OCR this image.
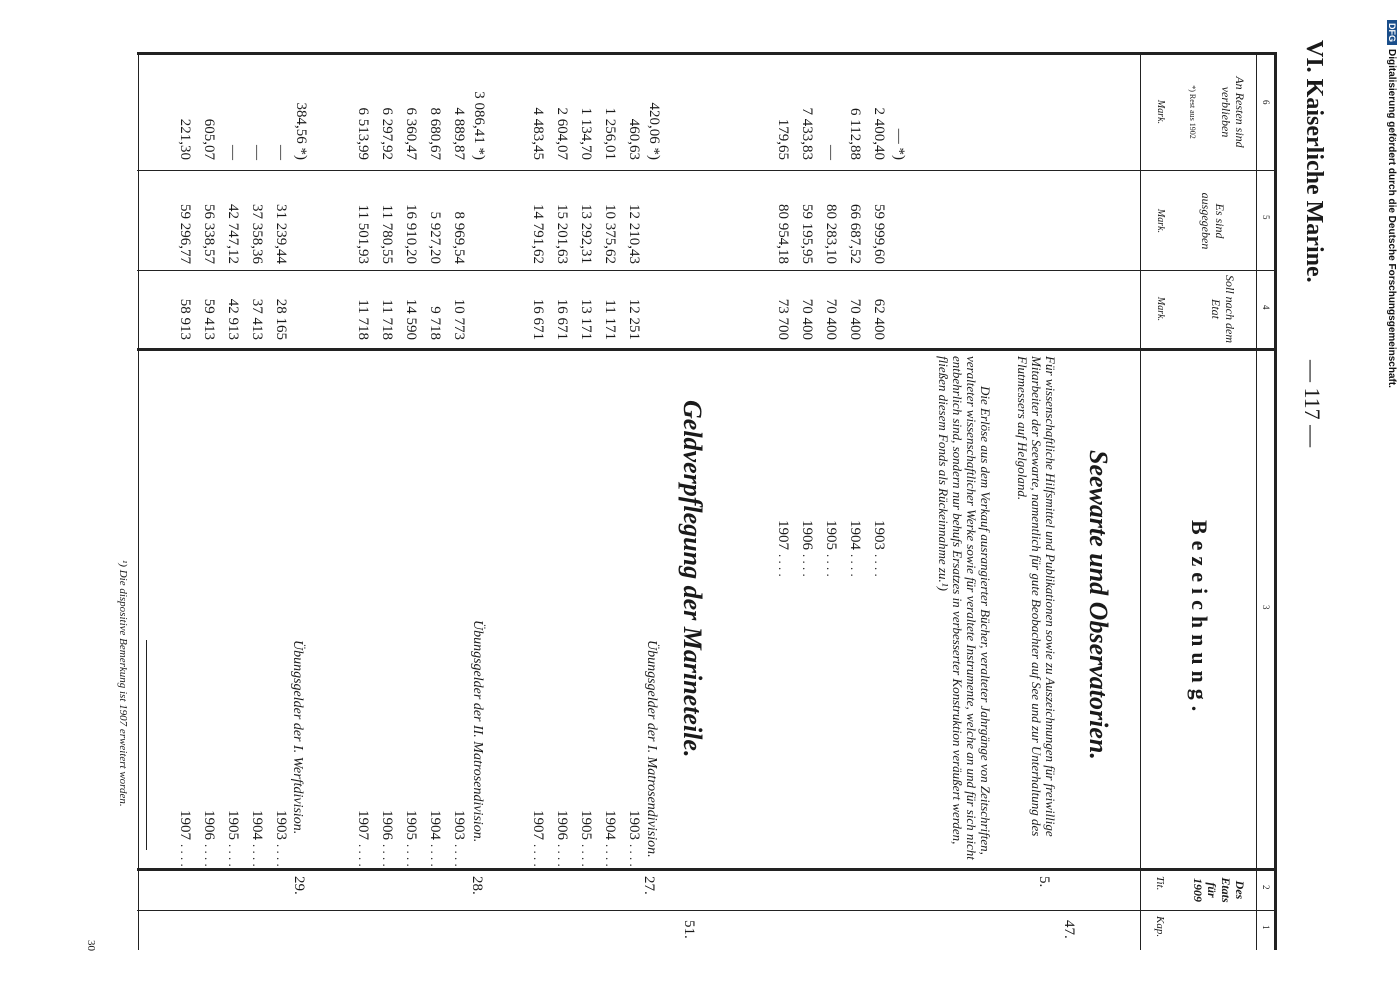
— 117 —
VI. Kaiserliche Marine.
6
5
4
3
2
1
An Resten sind verblieben
*) Rest aus 1902
Mark.
Es sind ausgegeben
Mark.
Soll nach dem Etat
Mark.
Bezeichnung.
Des Etats für 1909
Kap.
Tit.
47.
Seewarte und Observatorien.
5.
Für wissenschaftliche Hilfsmittel und Publikationen sowie zu Auszeichnungen für freiwillige Mitarbeiter der Seewarte, namentlich für gute Beobachter auf See und zur Unterhaltung des Flutmessers auf Helgoland.
Die Erlöse aus dem Verkauf ausrangierter Bücher, veralteter Jahrgänge von Zeitschriften, veralteter wissenschaftlicher Werke sowie für veraltete Instrumente, welche an und für sich nicht entbehrlich sind, sondern nur behufs Ersatzes in verbesserter Konstruktion veräußert werden, fließen diesem Fonds als Rückeinnahme zu.¹)
— *)
1903
62 400
59 999,60
2 400,40
. . . .
1904
70 400
66 687,52
6 112,88
. . . .
1905
70 400
80 283,10
—
. . . .
1906
70 400
59 195,95
7 433,83
. . . .
1907
73 700
80 954,18
179,65
. . . .
51.
Geldverpflegung der Marineteile.
27.
Übungsgelder der I. Matrosendivision.
420,06 *)
28.
Übungsgelder der II. Matrosendivision.
3 086,41 *)
29.
Übungsgelder der I. Werftdivision.
384,56 *)
1903
12 251
12 210,43
460,63
. . . .
1904
11 171
10 375,62
1 256,01
. . . .
1905
13 171
13 292,31
1 134,70
. . . .
1906
16 671
15 201,63
2 604,07
. . . .
1907
16 671
14 791,62
4 483,45
. . . .
1903
10 773
8 969,54
4 889,87
. . . .
1904
9 718
5 927,20
8 680,67
. . . .
1905
14 590
16 910,20
6 360,47
. . . .
1906
11 718
11 780,55
6 297,92
. . . .
1907
11 718
11 501,93
6 513,99
. . . .
1903
28 165
31 239,44
—
. . . .
1904
37 413
37 358,36
—
. . . .
1905
42 913
42 747,12
—
. . . .
1906
59 413
56 338,57
605,07
. . . .
1907
58 913
59 296,77
221,30
. . . .
¹) Die dispositive Bemerkung ist 1907 erweitert worden.
30
DFGDigitalisierung gefördert durch die Deutsche Forschungsgemeinschaft.
